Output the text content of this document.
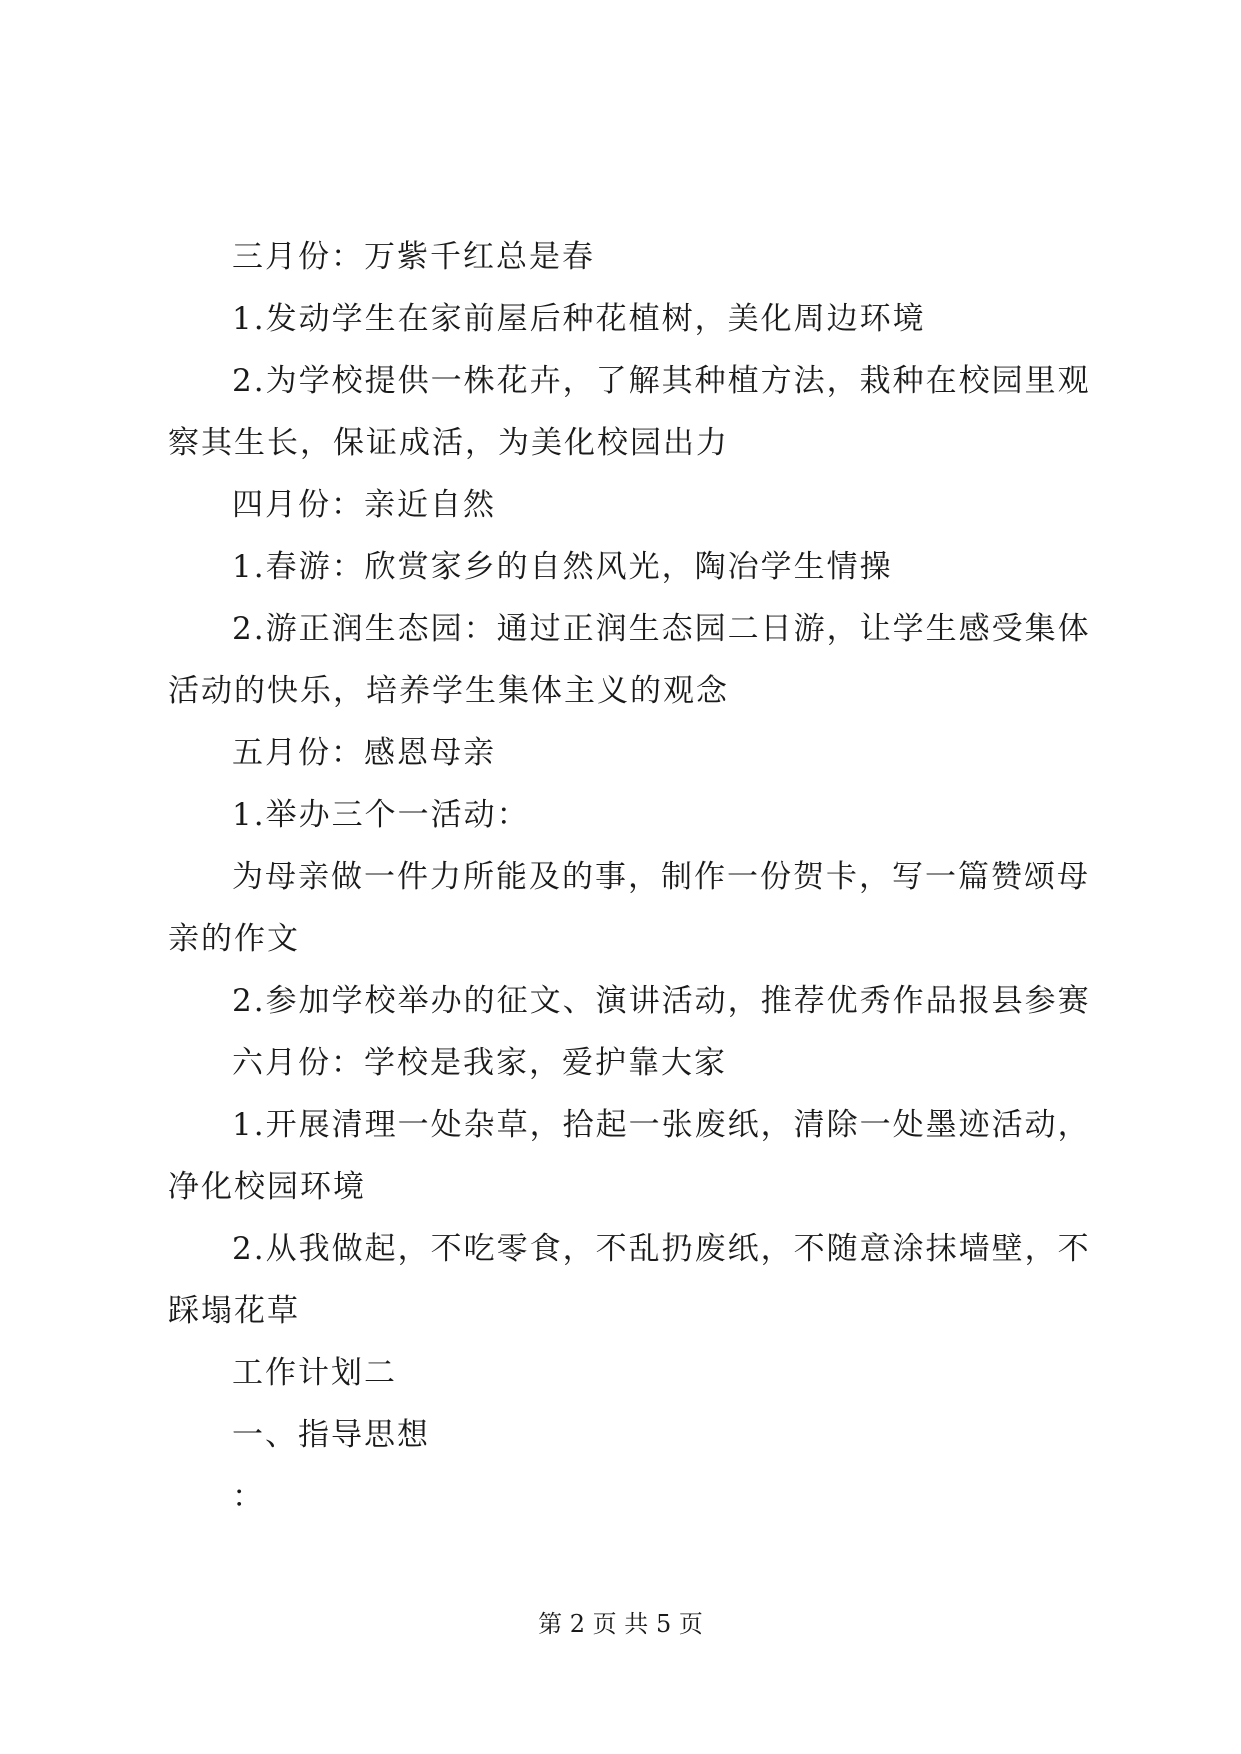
三月份：万紫千红总是春
1.发动学生在家前屋后种花植树，美化周边环境
2.为学校提供一株花卉，了解其种植方法，栽种在校园里观
察其生长，保证成活，为美化校园出力
四月份：亲近自然
1.春游：欣赏家乡的自然风光，陶冶学生情操
2.游正润生态园：通过正润生态园二日游，让学生感受集体
活动的快乐，培养学生集体主义的观念
五月份：感恩母亲
1.举办三个一活动：
为母亲做一件力所能及的事，制作一份贺卡，写一篇赞颂母
亲的作文
2.参加学校举办的征文、演讲活动，推荐优秀作品报县参赛
六月份：学校是我家，爱护靠大家
1.开展清理一处杂草，拾起一张废纸，清除一处墨迹活动，
净化校园环境
2.从我做起，不吃零食，不乱扔废纸，不随意涂抹墙壁，不
踩塌花草
工作计划二
一、指导思想
：
第 2 页 共 5 页
